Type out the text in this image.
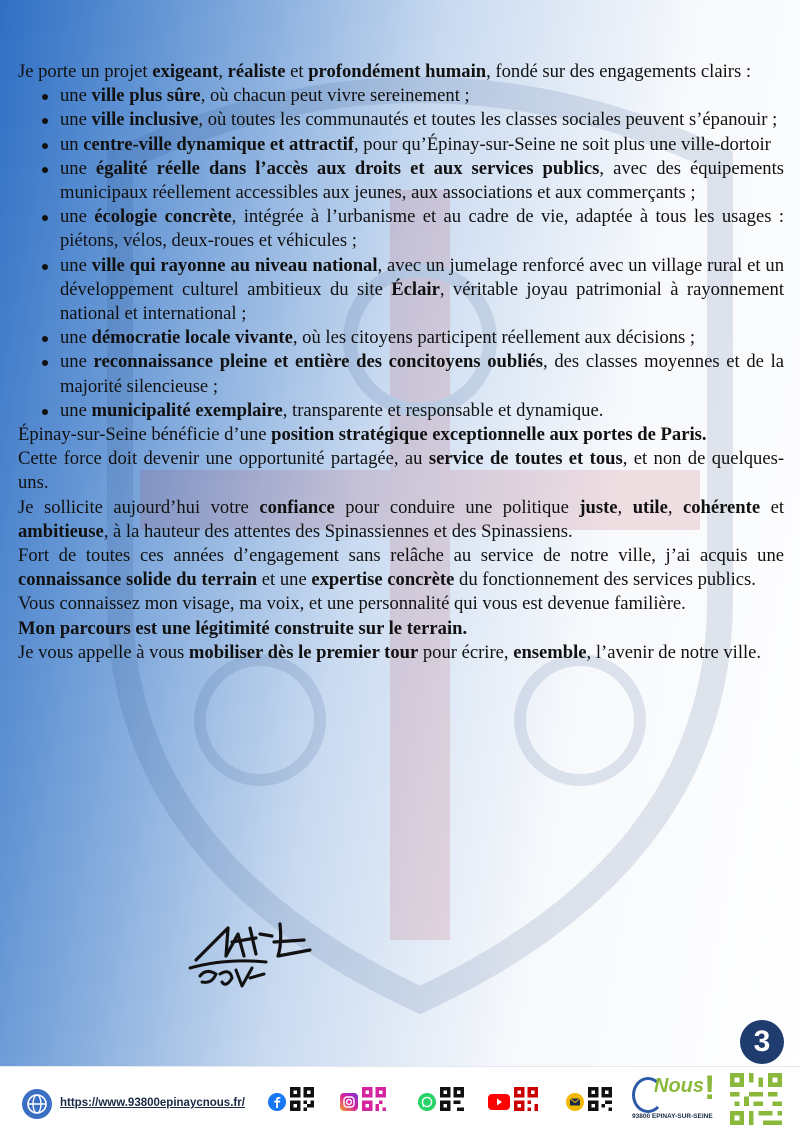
Je porte un projet exigeant, réaliste et profondément humain, fondé sur des engagements clairs :

une ville plus sûre, où chacun peut vivre sereinement ;
une ville inclusive, où toutes les communautés et toutes les classes sociales peuvent s’épanouir ;
un centre-ville dynamique et attractif, pour qu’Épinay-sur-Seine ne soit plus une ville-dortoir
une égalité réelle dans l’accès aux droits et aux services publics, avec des équipements municipaux réellement accessibles aux jeunes, aux associations et aux commerçants ;
une écologie concrète, intégrée à l’urbanisme et au cadre de vie, adaptée à tous les usages : piétons, vélos, deux-roues et véhicules ;
une ville qui rayonne au niveau national, avec un jumelage renforcé avec un village rural et un développement culturel ambitieux du site Éclair, véritable joyau patrimonial à rayonnement national et international ;
une démocratie locale vivante, où les citoyens participent réellement aux décisions ;
une reconnaissance pleine et entière des concitoyens oubliés, des classes moyennes et de la majorité silencieuse ;
une municipalité exemplaire, transparente et responsable et dynamique.

Épinay-sur-Seine bénéficie d’une position stratégique exceptionnelle aux portes de Paris.

Cette force doit devenir une opportunité partagée, au service de toutes et tous, et non de quelques-uns.

Je sollicite aujourd’hui votre confiance pour conduire une politique juste, utile, cohérente et ambitieuse, à la hauteur des attentes des Spinassiennes et des Spinassiens.

Fort de toutes ces années d’engagement sans relâche au service de notre ville, j’ai acquis une connaissance solide du terrain et une expertise concrète du fonctionnement des services publics.

Vous connaissez mon visage, ma voix, et une personnalité qui vous est devenue familière.

Mon parcours est une légitimité construite sur le terrain.

Je vous appelle à vous mobiliser dès le premier tour pour écrire, ensemble, l’avenir de notre ville.

3
https://www.93800epinaycnous.fr/
Nous !
93800 EPINAY-SUR-SEINE
